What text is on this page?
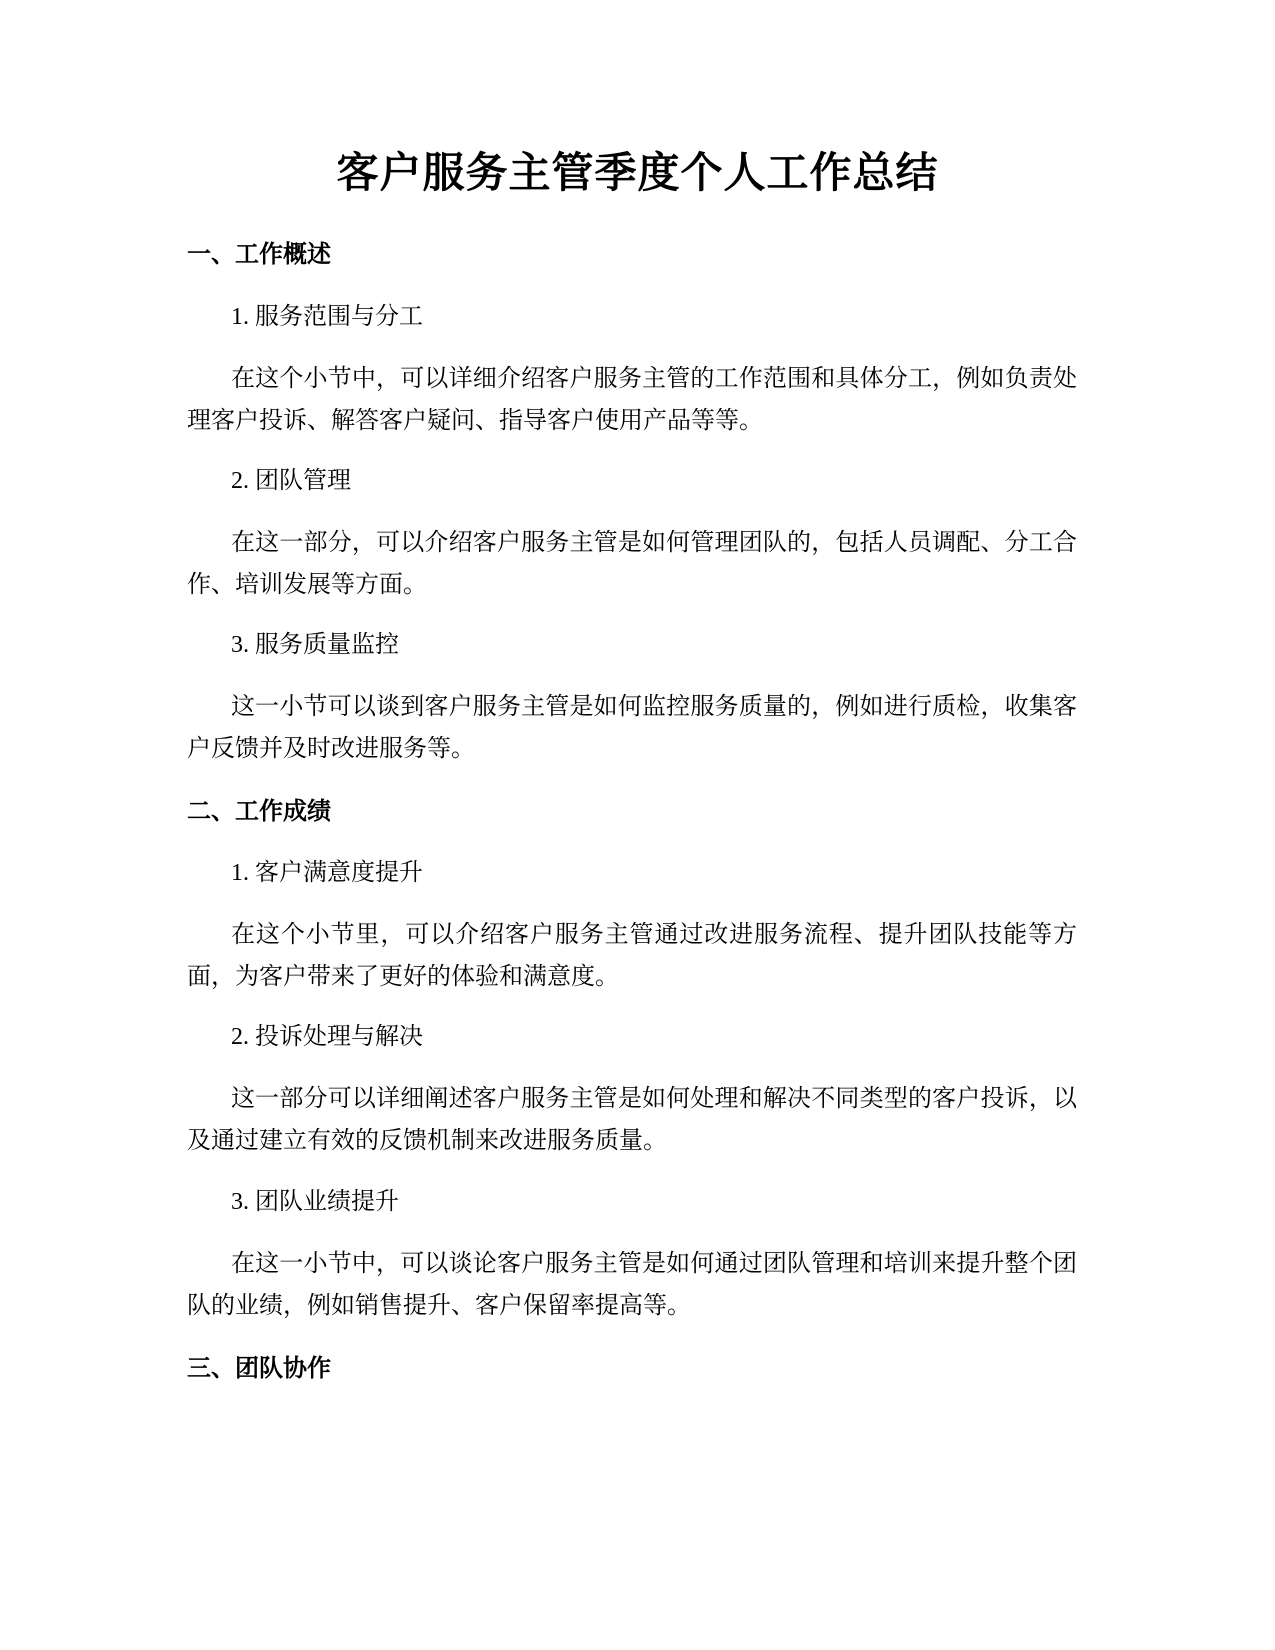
客户服务主管季度个人工作总结
一、工作概述
1. 服务范围与分工
在这个小节中，可以详细介绍客户服务主管的工作范围和具体分工，例如负责处理客户投诉、解答客户疑问、指导客户使用产品等等。
2. 团队管理
在这一部分，可以介绍客户服务主管是如何管理团队的，包括人员调配、分工合作、培训发展等方面。
3. 服务质量监控
这一小节可以谈到客户服务主管是如何监控服务质量的，例如进行质检，收集客户反馈并及时改进服务等。
二、工作成绩
1. 客户满意度提升
在这个小节里，可以介绍客户服务主管通过改进服务流程、提升团队技能等方面，为客户带来了更好的体验和满意度。
2. 投诉处理与解决
这一部分可以详细阐述客户服务主管是如何处理和解决不同类型的客户投诉，以及通过建立有效的反馈机制来改进服务质量。
3. 团队业绩提升
在这一小节中，可以谈论客户服务主管是如何通过团队管理和培训来提升整个团队的业绩，例如销售提升、客户保留率提高等。
三、团队协作
